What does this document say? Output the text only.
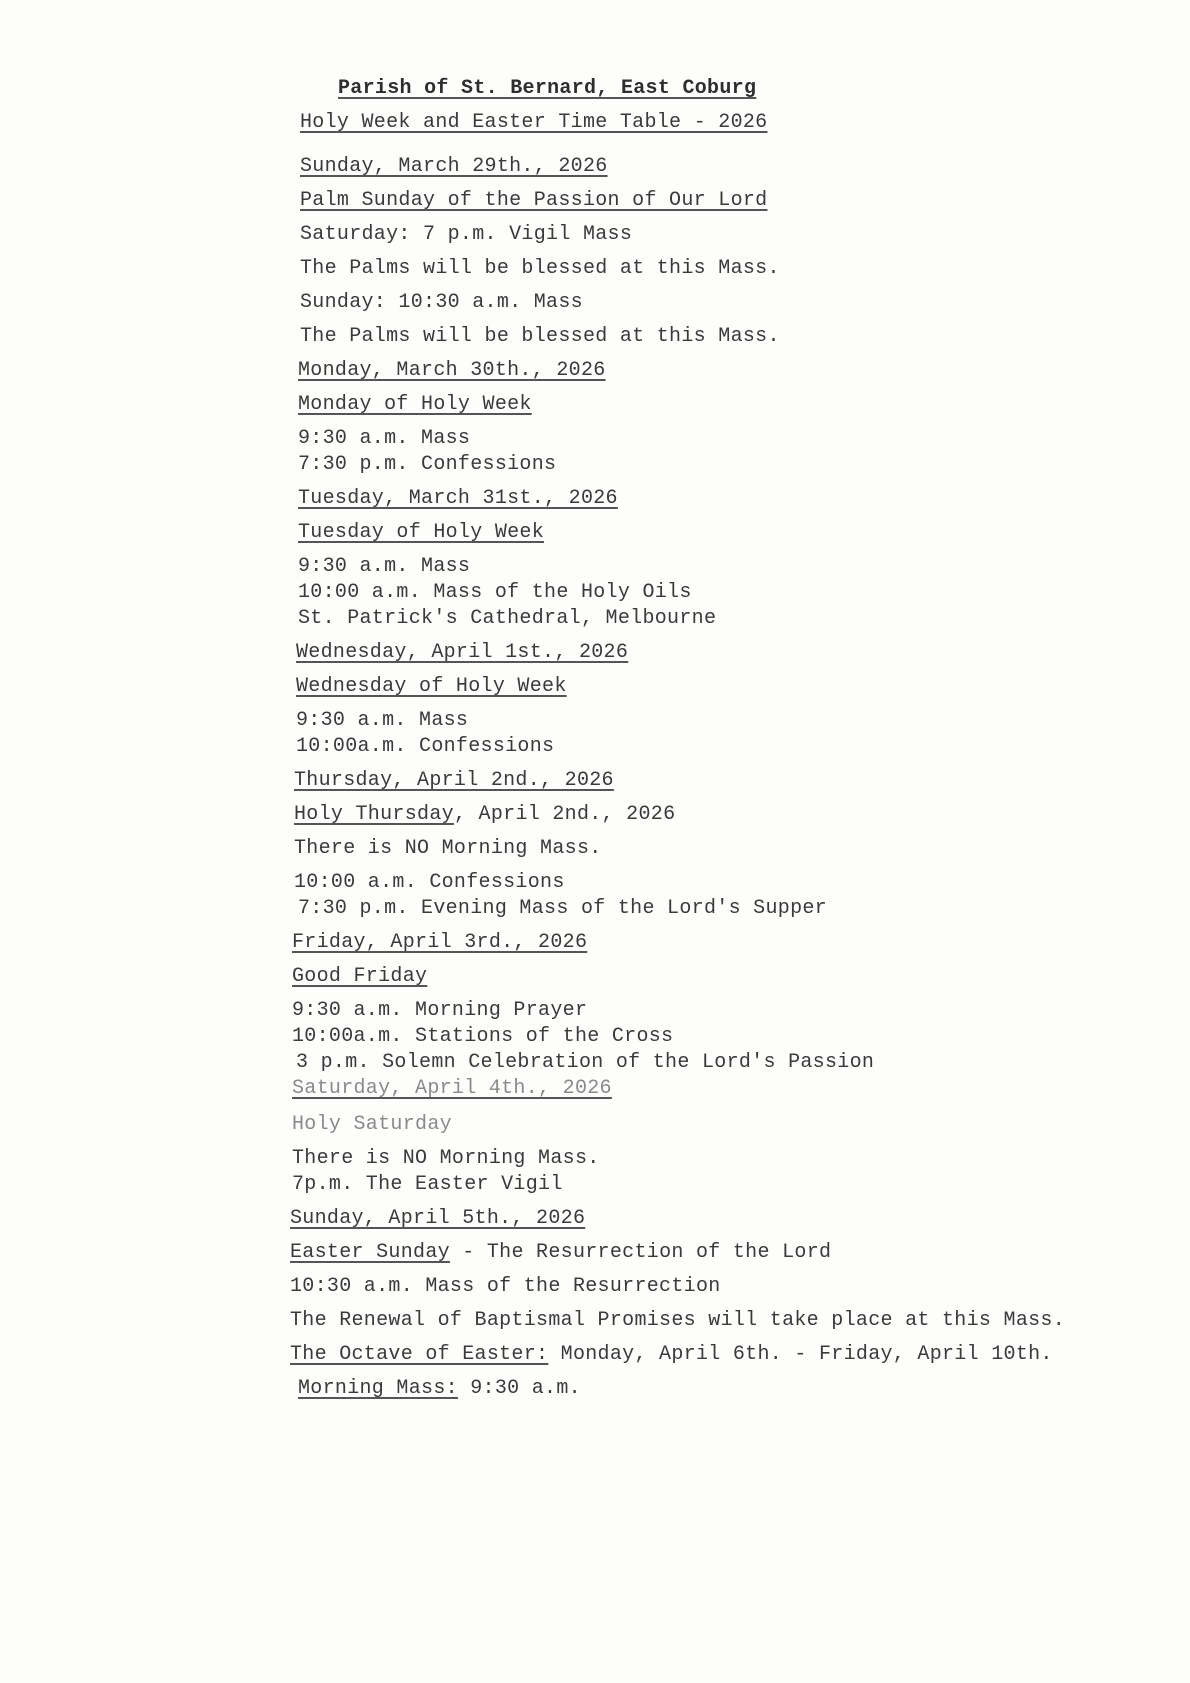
Parish of St. Bernard, East Coburg
Holy Week and Easter Time Table - 2026
Sunday, March 29th., 2026
Palm Sunday of the Passion of Our Lord
Saturday: 7 p.m. Vigil Mass
The Palms will be blessed at this Mass.
Sunday: 10:30 a.m. Mass
The Palms will be blessed at this Mass.
Monday, March 30th., 2026
Monday of Holy Week
9:30 a.m. Mass
7:30 p.m. Confessions
Tuesday, March 31st., 2026
Tuesday of Holy Week
9:30 a.m. Mass
10:00 a.m. Mass of the Holy Oils
St. Patrick's Cathedral, Melbourne
Wednesday, April 1st., 2026
Wednesday of Holy Week
9:30 a.m. Mass
10:00a.m. Confessions
Thursday, April 2nd., 2026
Holy Thursday, April 2nd., 2026
There is NO Morning Mass.
10:00 a.m. Confessions
7:30 p.m. Evening Mass of the Lord's Supper
Friday, April 3rd., 2026
Good Friday
9:30 a.m. Morning Prayer
10:00a.m. Stations of the Cross
3 p.m. Solemn Celebration of the Lord's Passion
Saturday, April 4th., 2026
Holy Saturday
There is NO Morning Mass.
7p.m. The Easter Vigil
Sunday, April 5th., 2026
Easter Sunday - The Resurrection of the Lord
10:30 a.m. Mass of the Resurrection
The Renewal of Baptismal Promises will take place at this Mass.
The Octave of Easter: Monday, April 6th. - Friday, April 10th.
Morning Mass: 9:30 a.m.
